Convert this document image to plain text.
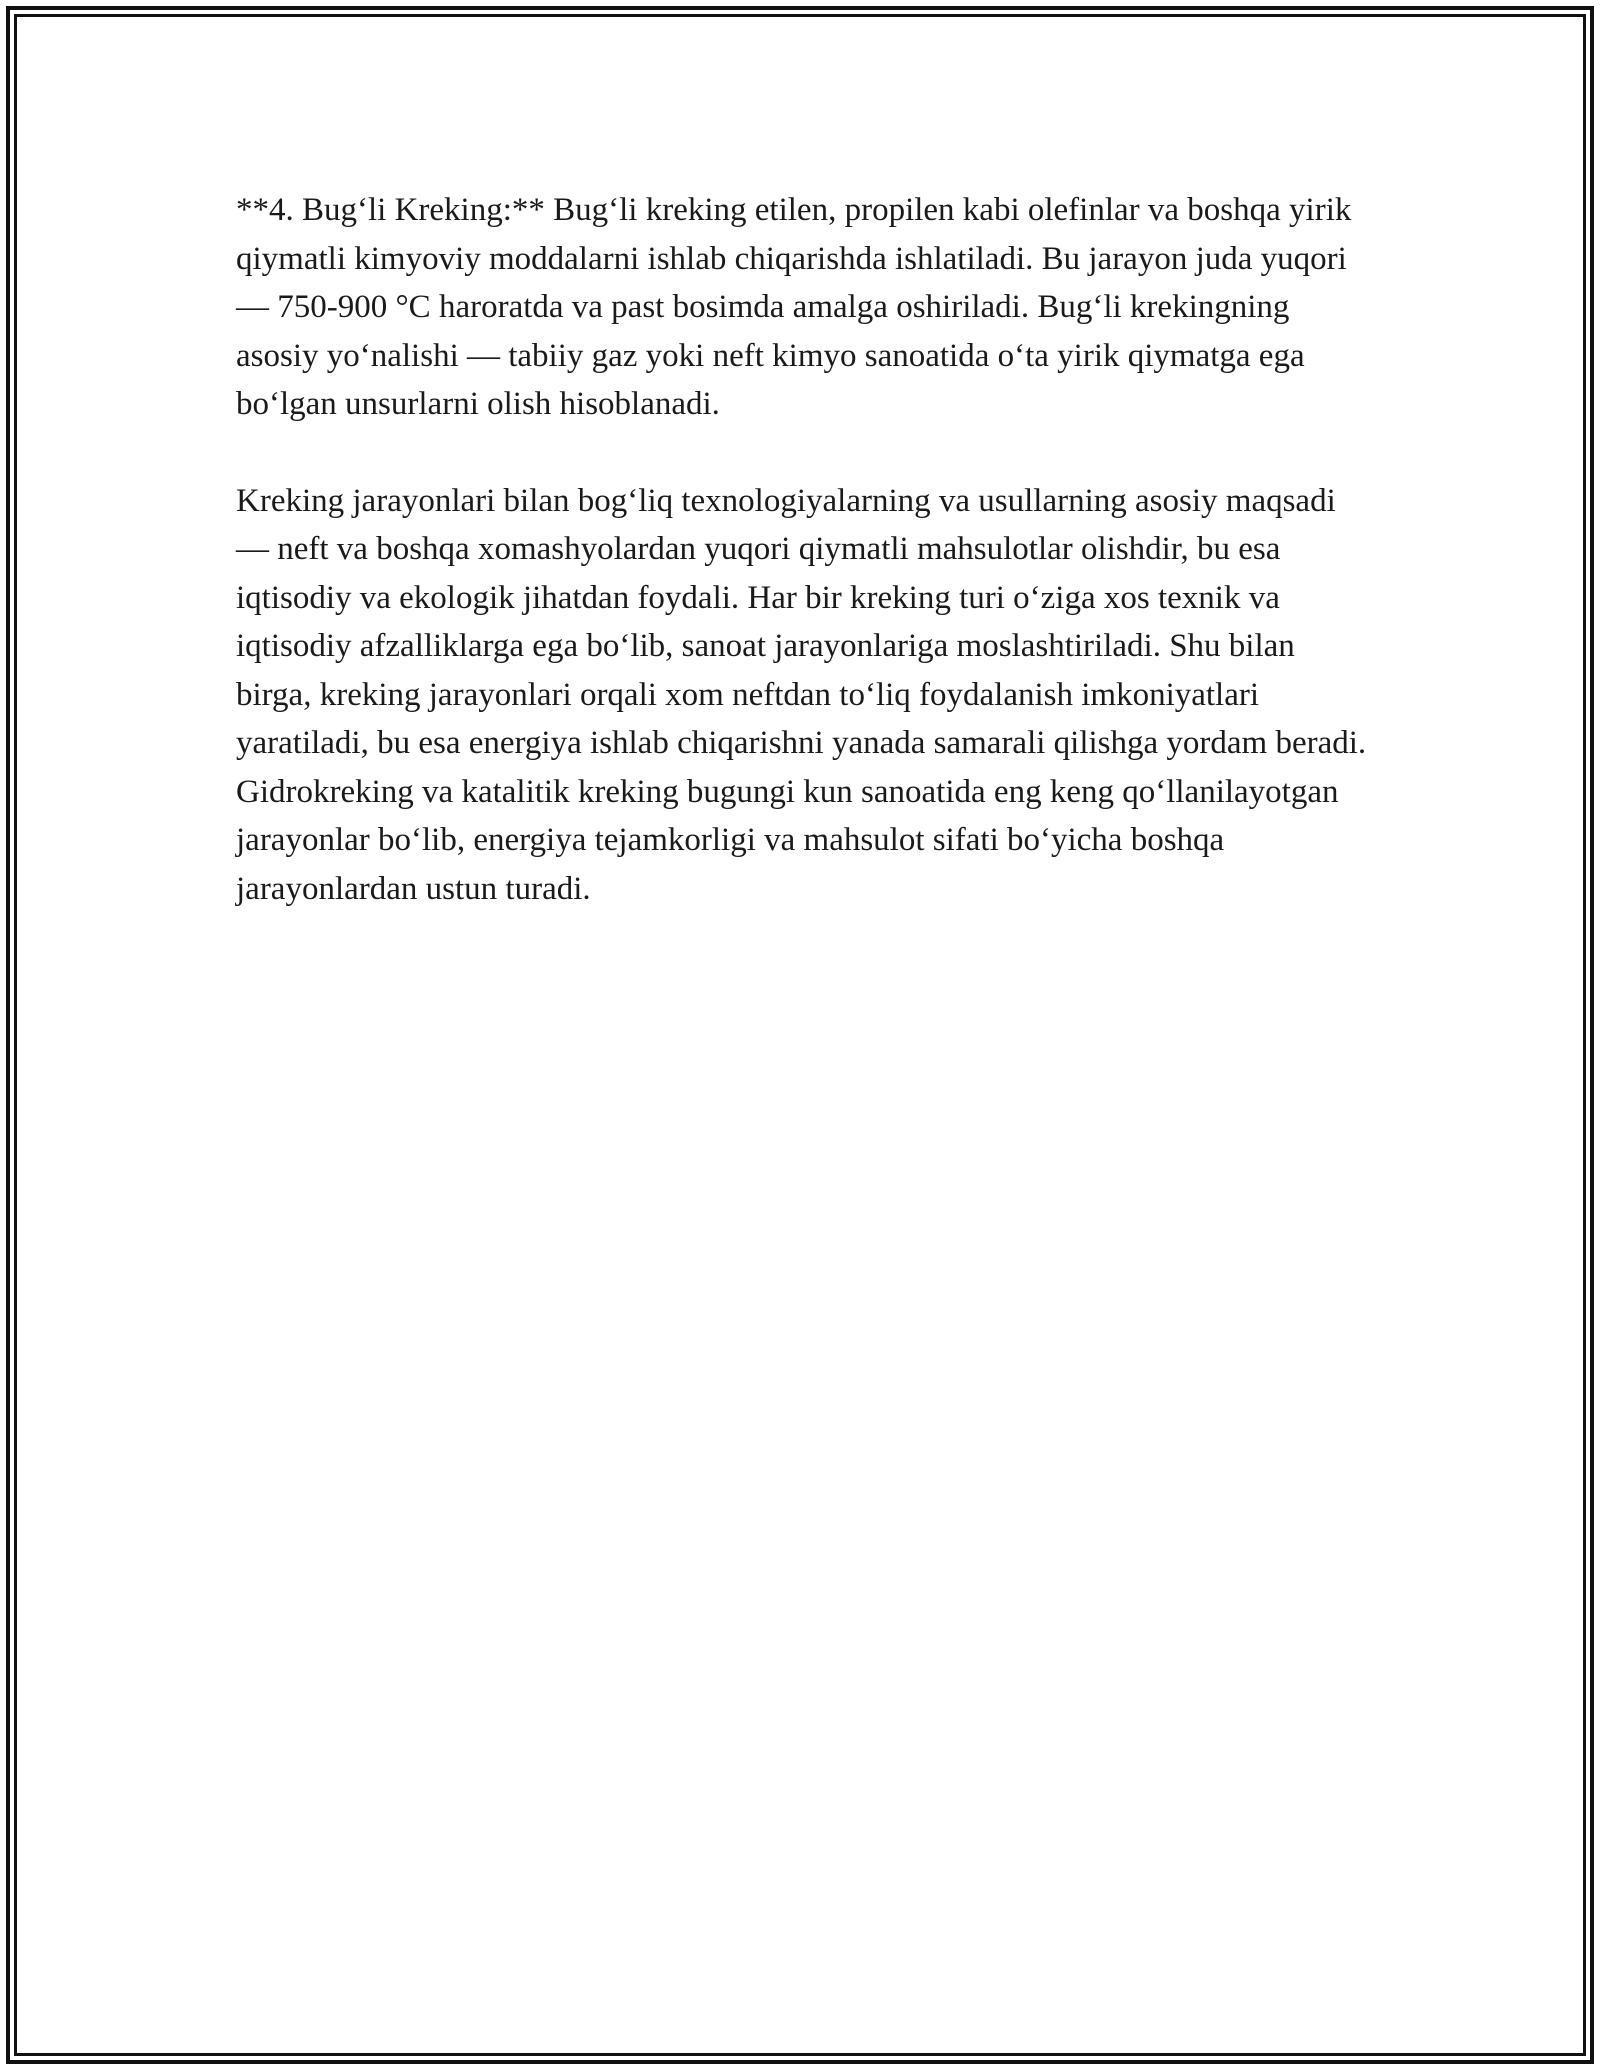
**4. Bug‘li Kreking:** Bug‘li kreking etilen, propilen kabi olefinlar va boshqa yirik qiymatli kimyoviy moddalarni ishlab chiqarishda ishlatiladi. Bu jarayon juda yuqori — 750-900 °C haroratda va past bosimda amalga oshiriladi. Bug‘li krekingning asosiy yo‘nalishi — tabiiy gaz yoki neft kimyo sanoatida o‘ta yirik qiymatga ega bo‘lgan unsurlarni olish hisoblanadi.

Kreking jarayonlari bilan bog‘liq texnologiyalarning va usullarning asosiy maqsadi — neft va boshqa xomashyolardan yuqori qiymatli mahsulotlar olishdir, bu esa iqtisodiy va ekologik jihatdan foydali. Har bir kreking turi o‘ziga xos texnik va iqtisodiy afzalliklarga ega bo‘lib, sanoat jarayonlariga moslashtiriladi. Shu bilan birga, kreking jarayonlari orqali xom neftdan to‘liq foydalanish imkoniyatlari yaratiladi, bu esa energiya ishlab chiqarishni yanada samarali qilishga yordam beradi. Gidrokreking va katalitik kreking bugungi kun sanoatida eng keng qo‘llanilayotgan jarayonlar bo‘lib, energiya tejamkorligi va mahsulot sifati bo‘yicha boshqa jarayonlardan ustun turadi.
